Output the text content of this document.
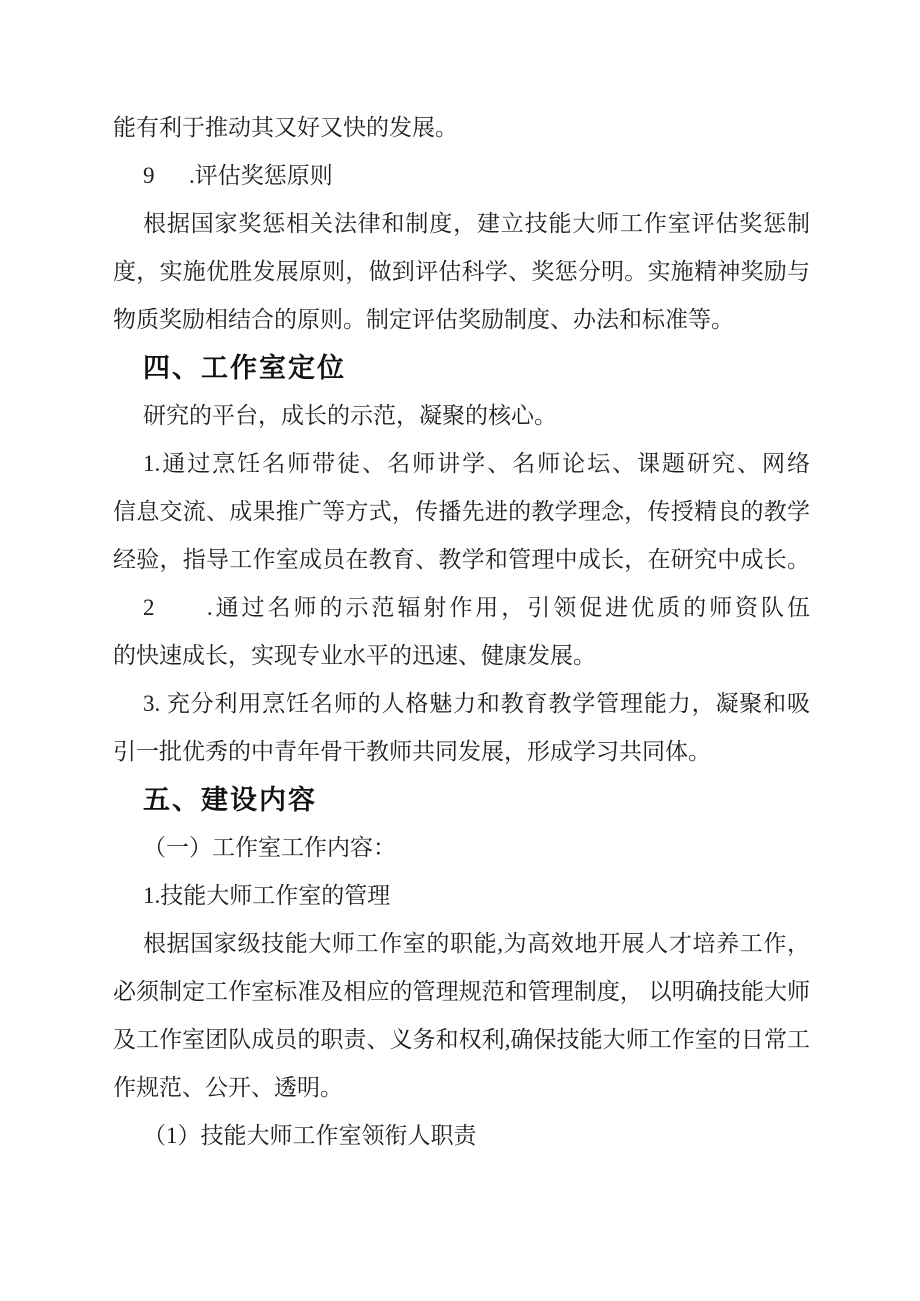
能有利于推动其又好又快的发展。
9      .评估奖惩原则
根据国家奖惩相关法律和制度，建立技能大师工作室评估奖惩制
度，实施优胜发展原则，做到评估科学、奖惩分明。实施精神奖励与
物质奖励相结合的原则。制定评估奖励制度、办法和标准等。
四、工作室定位
研究的平台，成长的示范，凝聚的核心。
1.通过烹饪名师带徒、名师讲学、名师论坛、课题研究、网络
信息交流、成果推广等方式，传播先进的教学理念，传授精良的教学
经验，指导工作室成员在教育、教学和管理中成长，在研究中成长。
2      .通过名师的示范辐射作用，引领促进优质的师资队伍
的快速成长，实现专业水平的迅速、健康发展。
3. 充分利用烹饪名师的人格魅力和教育教学管理能力，凝聚和吸
引一批优秀的中青年骨干教师共同发展，形成学习共同体。
五、建设内容
（一）工作室工作内容：
1.技能大师工作室的管理
根据国家级技能大师工作室的职能,为高效地开展人才培养工作，
必须制定工作室标准及相应的管理规范和管理制度， 以明确技能大师
及工作室团队成员的职责、义务和权利,确保技能大师工作室的日常工
作规范、公开、透明。
（1）技能大师工作室领衔人职责
